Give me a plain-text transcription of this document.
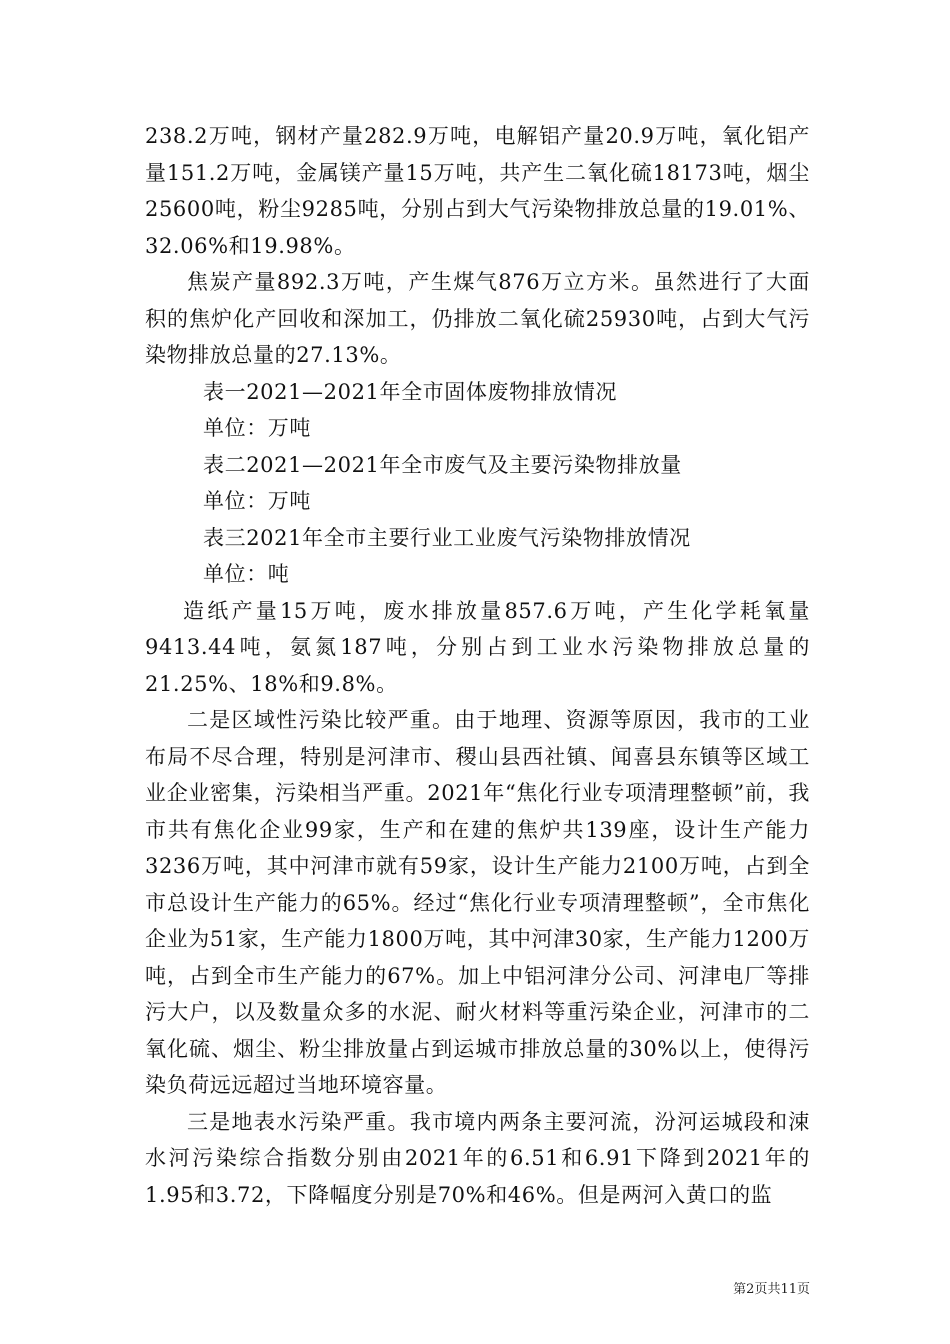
238.2万吨，钢材产量282.9万吨，电解铝产量20.9万吨，氧化铝产量151.2万吨，金属镁产量15万吨，共产生二氧化硫18173吨，烟尘25600吨，粉尘9285吨，分别占到大气污染物排放总量的19.01%、32.06%和19.98%。

焦炭产量892.3万吨，产生煤气876万立方米。虽然进行了大面积的焦炉化产回收和深加工，仍排放二氧化硫25930吨，占到大气污染物排放总量的27.13%。

表一2021—2021年全市固体废物排放情况

单位：万吨

表二2021—2021年全市废气及主要污染物排放量

单位：万吨

表三2021年全市主要行业工业废气污染物排放情况

单位：吨

造纸产量15万吨，废水排放量857.6万吨，产生化学耗氧量9413.44吨，氨氮187吨，分别占到工业水污染物排放总量的21.25%、18%和9.8%。

二是区域性污染比较严重。由于地理、资源等原因，我市的工业布局不尽合理，特别是河津市、稷山县西社镇、闻喜县东镇等区域工业企业密集，污染相当严重。2021年“焦化行业专项清理整顿”前，我市共有焦化企业99家，生产和在建的焦炉共139座，设计生产能力3236万吨，其中河津市就有59家，设计生产能力2100万吨，占到全市总设计生产能力的65%。经过“焦化行业专项清理整顿”，全市焦化企业为51家，生产能力1800万吨，其中河津30家，生产能力1200万吨，占到全市生产能力的67%。加上中铝河津分公司、河津电厂等排污大户，以及数量众多的水泥、耐火材料等重污染企业，河津市的二氧化硫、烟尘、粉尘排放量占到运城市排放总量的30%以上，使得污染负荷远远超过当地环境容量。

三是地表水污染严重。我市境内两条主要河流，汾河运城段和涑水河污染综合指数分别由2021年的6.51和6.91下降到2021年的1.95和3.72，下降幅度分别是70%和46%。但是两河入黄口的监

第2页共11页
